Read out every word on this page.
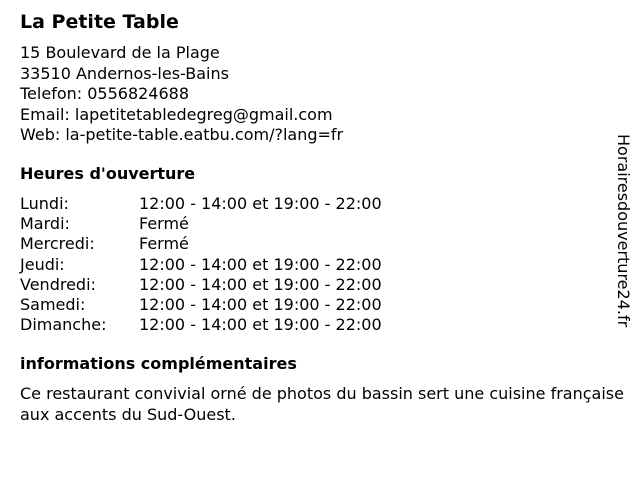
La Petite Table
15 Boulevard de la Plage
33510 Andernos-les-Bains
Telefon: 0556824688
Email: lapetitetabledegreg@gmail.com
Web: la-petite-table.eatbu.com/?lang=fr
Heures d'ouverture
Lundi:	12:00 - 14:00 et 19:00 - 22:00
Mardi:	Fermé
Mercredi:	Fermé
Jeudi:	12:00 - 14:00 et 19:00 - 22:00
Vendredi:	12:00 - 14:00 et 19:00 - 22:00
Samedi:	12:00 - 14:00 et 19:00 - 22:00
Dimanche:	12:00 - 14:00 et 19:00 - 22:00
informations complémentaires
Ce restaurant convivial orné de photos du bassin sert une cuisine française aux accents du Sud-Ouest.
Horairesdouverture24.fr
